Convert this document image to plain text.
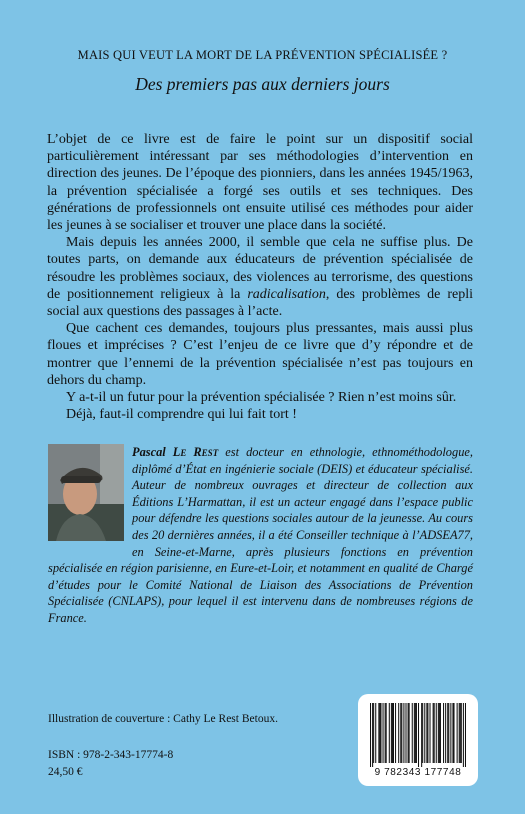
MAIS QUI VEUT LA MORT DE LA PRÉVENTION SPÉCIALISÉE ?
Des premiers pas aux derniers jours

L’objet de ce livre est de faire le point sur un dispositif social particulièrement intéressant par ses méthodologies d’intervention en direction des jeunes. De l’époque des pionniers, dans les années 1945/1963, la prévention spécialisée a forgé ses outils et ses techniques. Des générations de professionnels ont ensuite utilisé ces méthodes pour aider les jeunes à se socialiser et trouver une place dans la société.

Mais depuis les années 2000, il semble que cela ne suffise plus. De toutes parts, on demande aux éducateurs de prévention spécialisée de résoudre les problèmes sociaux, des violences au terrorisme, des questions de positionnement religieux à la radicalisation, des problèmes de repli social aux questions des passages à l’acte.

Que cachent ces demandes, toujours plus pressantes, mais aussi plus floues et imprécises ? C’est l’enjeu de ce livre que d’y répondre et de montrer que l’ennemi de la prévention spécialisée n’est pas toujours en dehors du champ.

Y a-t-il un futur pour la prévention spécialisée ? Rien n’est moins sûr.

Déjà, faut-il comprendre qui lui fait tort !

Pascal Le Rest est docteur en ethnologie, ethnométhodologue, diplômé d’État en ingénierie sociale (DEIS) et éducateur spécialisé. Auteur de nombreux ouvrages et directeur de collection aux Éditions L’Harmattan, il est un acteur engagé dans l’espace public pour défendre les questions sociales autour de la jeunesse. Au cours des 20 dernières années, il a été Conseiller technique à l’ADSEA77, en Seine-et-Marne, après plusieurs fonctions en prévention spécialisée en région parisienne, en Eure-et-Loir, et notamment en qualité de Chargé d’études pour le Comité National de Liaison des Associations de Prévention Spécialisée (CNLAPS), pour lequel il est intervenu dans de nombreuses régions de France.
Illustration de couverture : Cathy Le Rest Betoux.
ISBN : 978-2-343-17774-8
24,50 €	9 782343 177748
